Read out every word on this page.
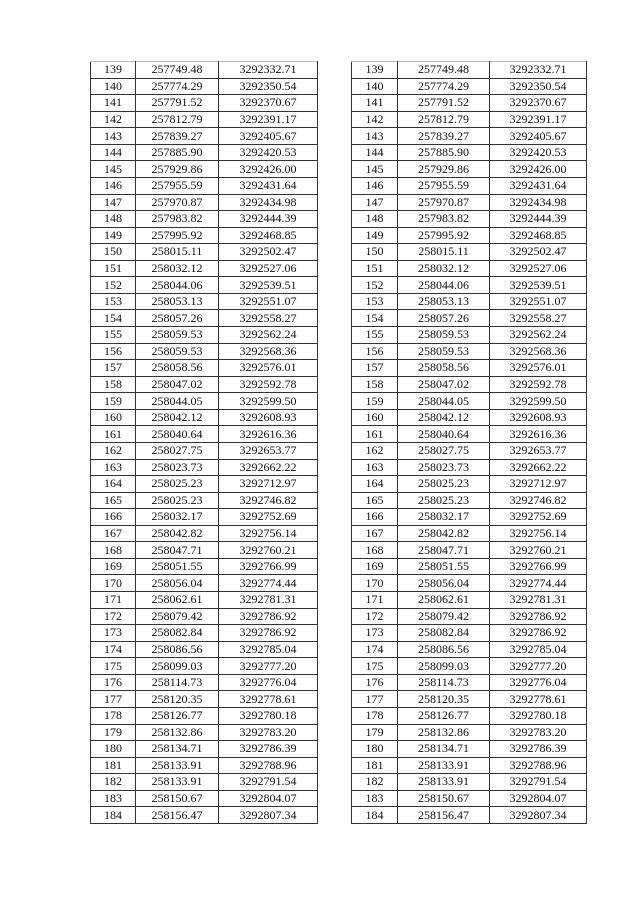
139	257749.48	3292332.71
140	257774.29	3292350.54
141	257791.52	3292370.67
142	257812.79	3292391.17
143	257839.27	3292405.67
144	257885.90	3292420.53
145	257929.86	3292426.00
146	257955.59	3292431.64
147	257970.87	3292434.98
148	257983.82	3292444.39
149	257995.92	3292468.85
150	258015.11	3292502.47
151	258032.12	3292527.06
152	258044.06	3292539.51
153	258053.13	3292551.07
154	258057.26	3292558.27
155	258059.53	3292562.24
156	258059.53	3292568.36
157	258058.56	3292576.01
158	258047.02	3292592.78
159	258044.05	3292599.50
160	258042.12	3292608.93
161	258040.64	3292616.36
162	258027.75	3292653.77
163	258023.73	3292662.22
164	258025.23	3292712.97
165	258025.23	3292746.82
166	258032.17	3292752.69
167	258042.82	3292756.14
168	258047.71	3292760.21
169	258051.55	3292766.99
170	258056.04	3292774.44
171	258062.61	3292781.31
172	258079.42	3292786.92
173	258082.84	3292786.92
174	258086.56	3292785.04
175	258099.03	3292777.20
176	258114.73	3292776.04
177	258120.35	3292778.61
178	258126.77	3292780.18
179	258132.86	3292783.20
180	258134.71	3292786.39
181	258133.91	3292788.96
182	258133.91	3292791.54
183	258150.67	3292804.07
184	258156.47	3292807.34
139	257749.48	3292332.71
140	257774.29	3292350.54
141	257791.52	3292370.67
142	257812.79	3292391.17
143	257839.27	3292405.67
144	257885.90	3292420.53
145	257929.86	3292426.00
146	257955.59	3292431.64
147	257970.87	3292434.98
148	257983.82	3292444.39
149	257995.92	3292468.85
150	258015.11	3292502.47
151	258032.12	3292527.06
152	258044.06	3292539.51
153	258053.13	3292551.07
154	258057.26	3292558.27
155	258059.53	3292562.24
156	258059.53	3292568.36
157	258058.56	3292576.01
158	258047.02	3292592.78
159	258044.05	3292599.50
160	258042.12	3292608.93
161	258040.64	3292616.36
162	258027.75	3292653.77
163	258023.73	3292662.22
164	258025.23	3292712.97
165	258025.23	3292746.82
166	258032.17	3292752.69
167	258042.82	3292756.14
168	258047.71	3292760.21
169	258051.55	3292766.99
170	258056.04	3292774.44
171	258062.61	3292781.31
172	258079.42	3292786.92
173	258082.84	3292786.92
174	258086.56	3292785.04
175	258099.03	3292777.20
176	258114.73	3292776.04
177	258120.35	3292778.61
178	258126.77	3292780.18
179	258132.86	3292783.20
180	258134.71	3292786.39
181	258133.91	3292788.96
182	258133.91	3292791.54
183	258150.67	3292804.07
184	258156.47	3292807.34
